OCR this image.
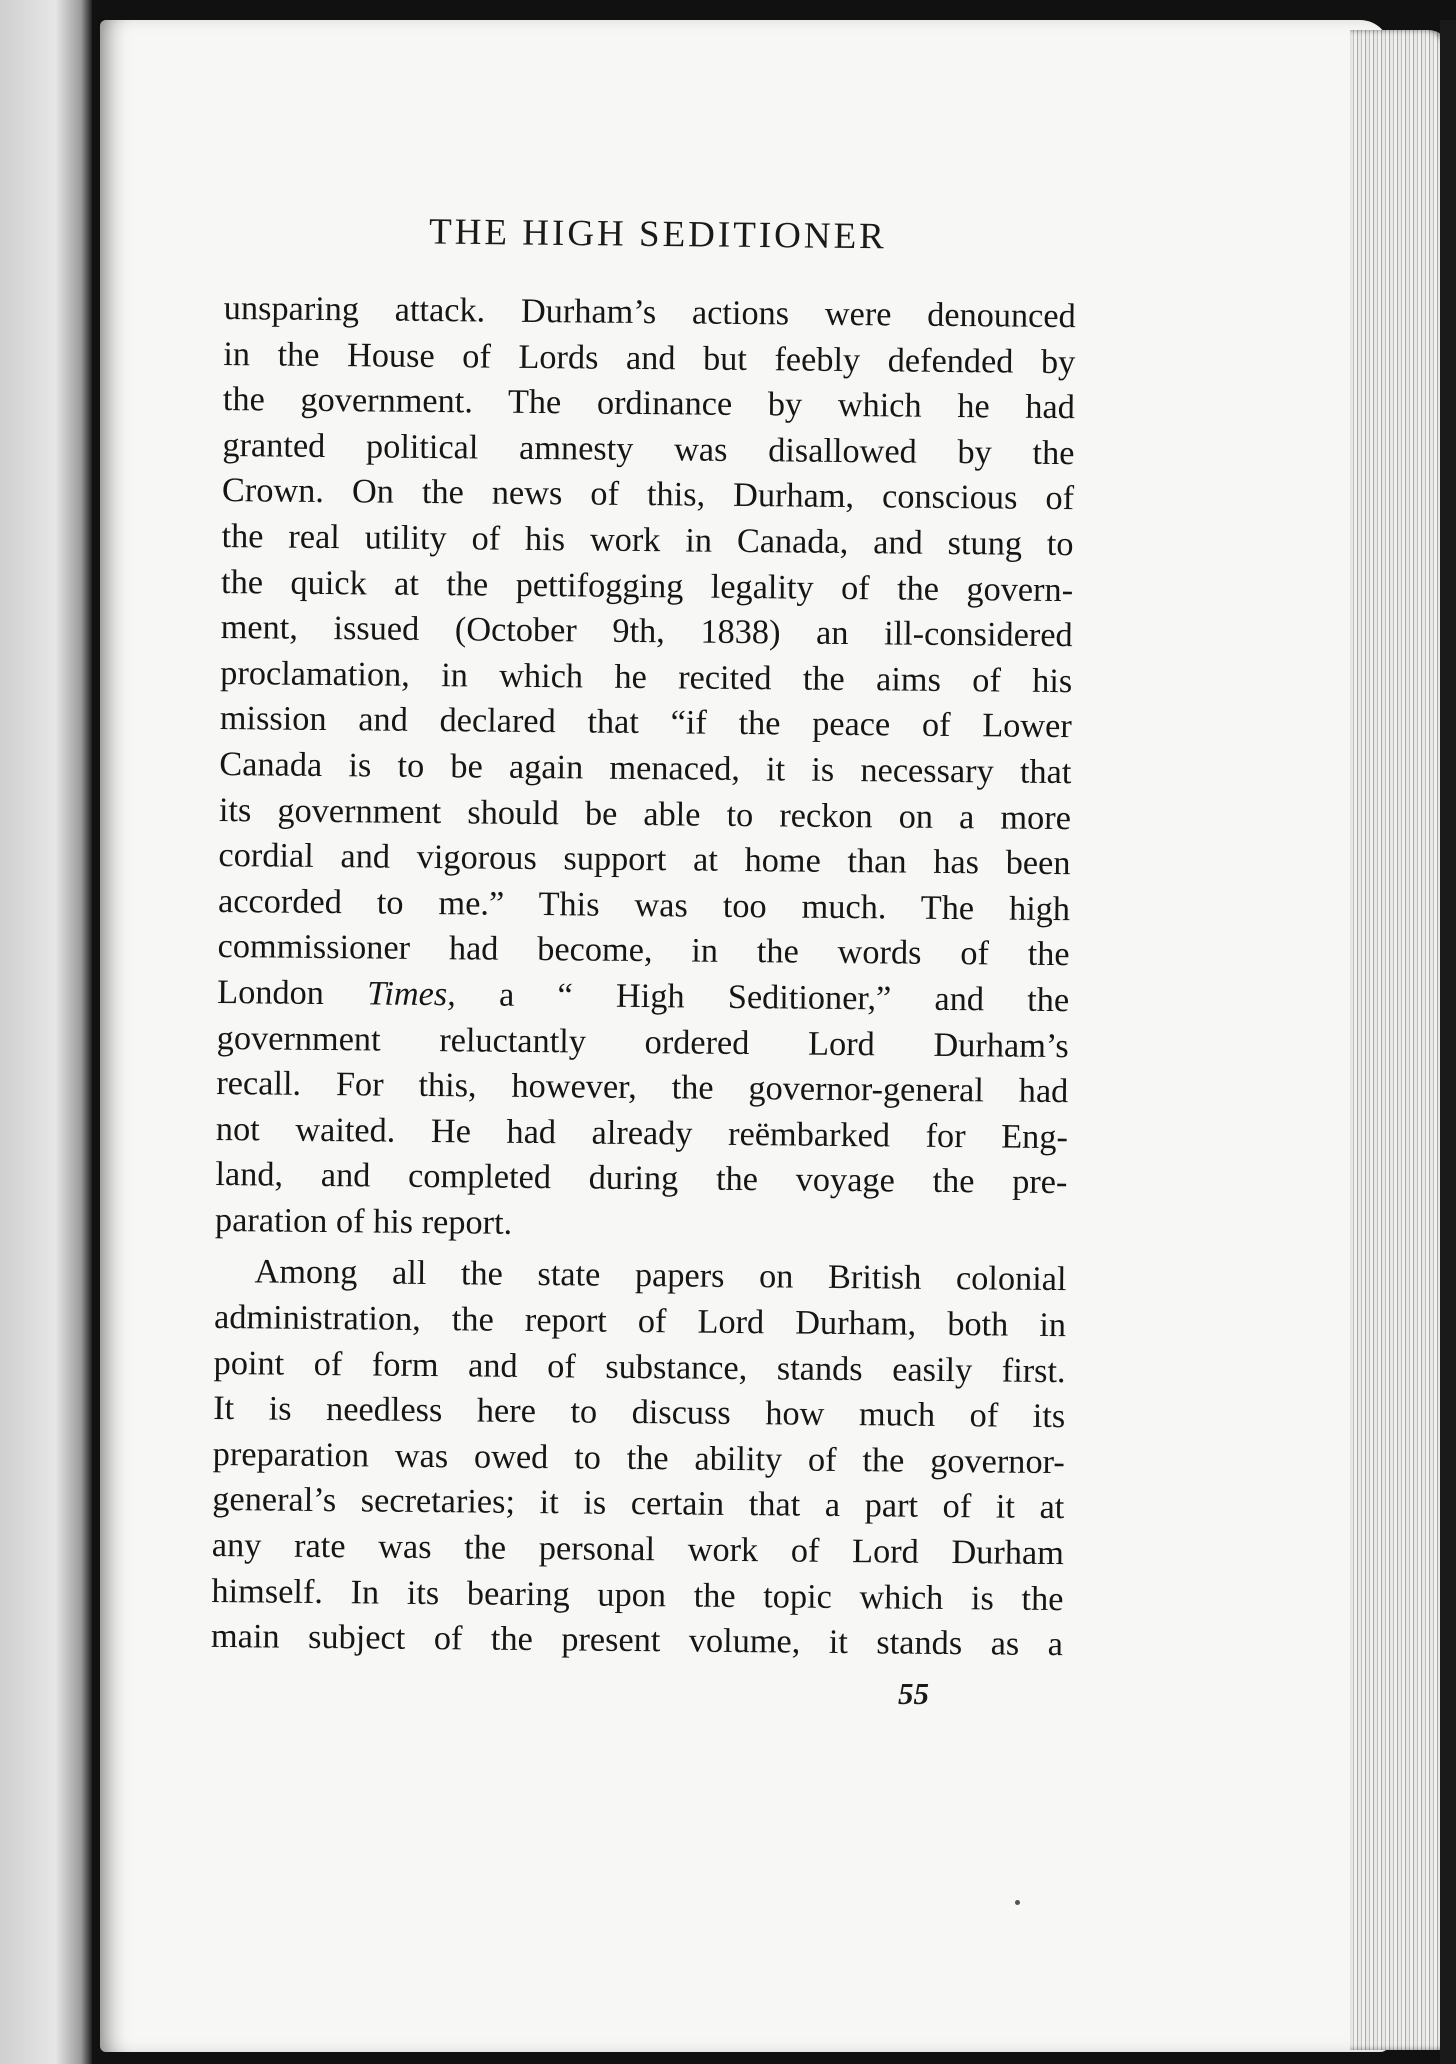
THE HIGH SEDITIONER
unsparing attack. Durham’s actions were denounced
in the House of Lords and but feebly defended by
the government. The ordinance by which he had
granted political amnesty was disallowed by the
Crown. On the news of this, Durham, conscious of
the real utility of his work in Canada, and stung to
the quick at the pettifogging legality of the govern-
ment, issued (October 9th, 1838) an ill-considered
proclamation, in which he recited the aims of his
mission and declared that “if the peace of Lower
Canada is to be again menaced, it is necessary that
its government should be able to reckon on a more
cordial and vigorous support at home than has been
accorded to me.” This was too much. The high
commissioner had become, in the words of the
London Times, a “ High Seditioner,” and the
government reluctantly ordered Lord Durham’s
recall. For this, however, the governor-general had
not waited. He had already reëmbarked for Eng-
land, and completed during the voyage the pre-
paration of his report.
Among all the state papers on British colonial
administration, the report of Lord Durham, both in
point of form and of substance, stands easily first.
It is needless here to discuss how much of its
preparation was owed to the ability of the governor-
general’s secretaries; it is certain that a part of it at
any rate was the personal work of Lord Durham
himself. In its bearing upon the topic which is the
main subject of the present volume, it stands as a
55
